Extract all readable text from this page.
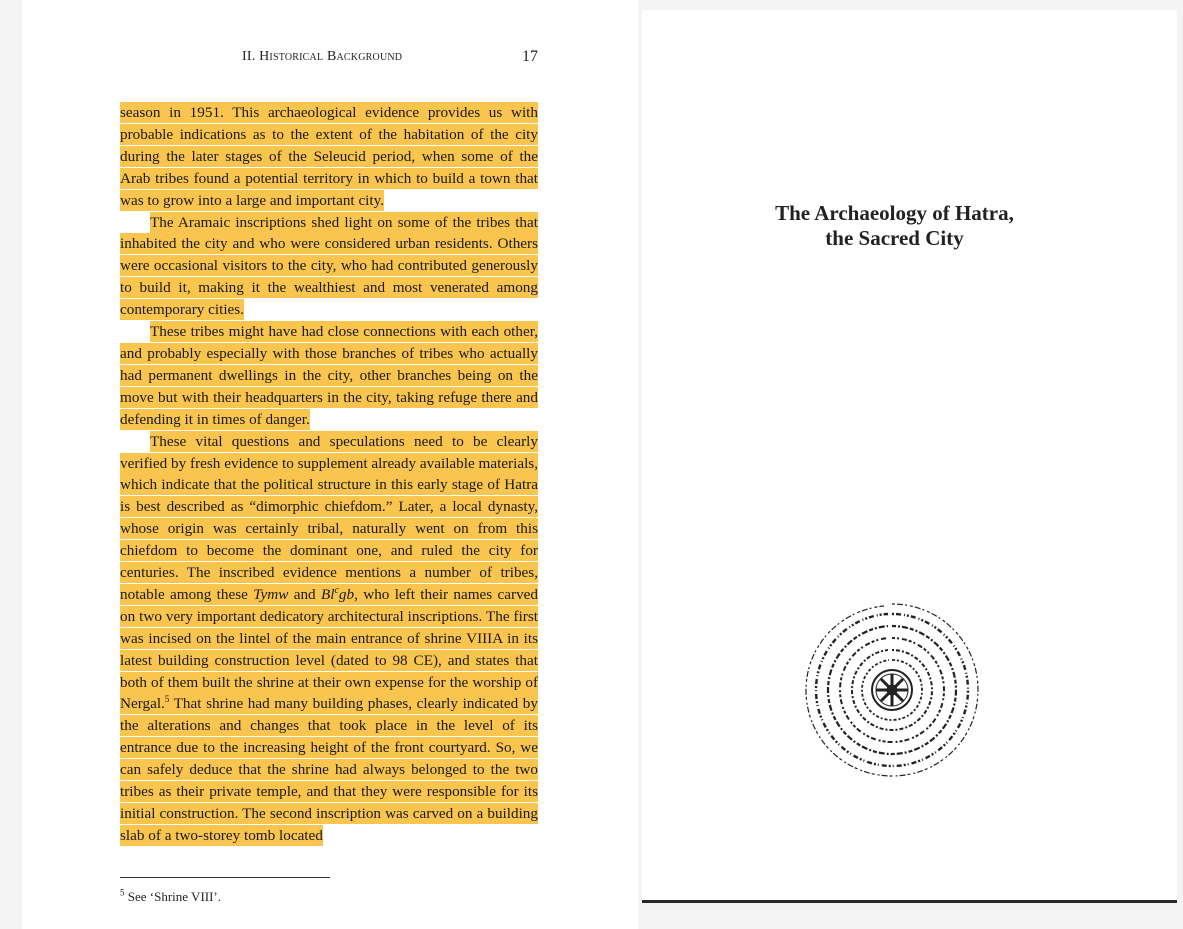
II. Historical Background	17

season in 1951. This archaeological evidence provides us with probable indications as to the extent of the habitation of the city during the later stages of the Seleucid period, when some of the Arab tribes found a potential territory in which to build a town that was to grow into a large and important city.

The Aramaic inscriptions shed light on some of the tribes that inhabited the city and who were considered urban residents. Others were occasional visitors to the city, who had contributed generously to build it, making it the wealthiest and most venerated among contemporary cities.

These tribes might have had close connections with each other, and probably especially with those branches of tribes who actually had permanent dwellings in the city, other branches being on the move but with their headquarters in the city, taking refuge there and defending it in times of danger.

These vital questions and speculations need to be clearly verified by fresh evidence to supplement already available materials, which indicate that the political structure in this early stage of Hatra is best described as “dimorphic chiefdom.” Later, a local dynasty, whose origin was certainly tribal, naturally went on from this chiefdom to become the dominant one, and ruled the city for centuries. The inscribed evidence mentions a number of tribes, notable among these Tymw and Bl$^c$gb, who left their names carved on two very important dedicatory architectural inscriptions. The first was incised on the lintel of the main entrance of shrine VIIIA in its latest building construction level (dated to 98 CE), and states that both of them built the shrine at their own expense for the worship of Nergal.$^5$ That shrine had many building phases, clearly indicated by the alterations and changes that took place in the level of its entrance due to the increasing height of the front courtyard. So, we can safely deduce that the shrine had always belonged to the two tribes as their private temple, and that they were responsible for its initial construction. The second inscription was carved on a building slab of a two-storey tomb located

$^5$ See ‘Shrine VIII’.
The Archaeology of Hatra,
the Sacred City
